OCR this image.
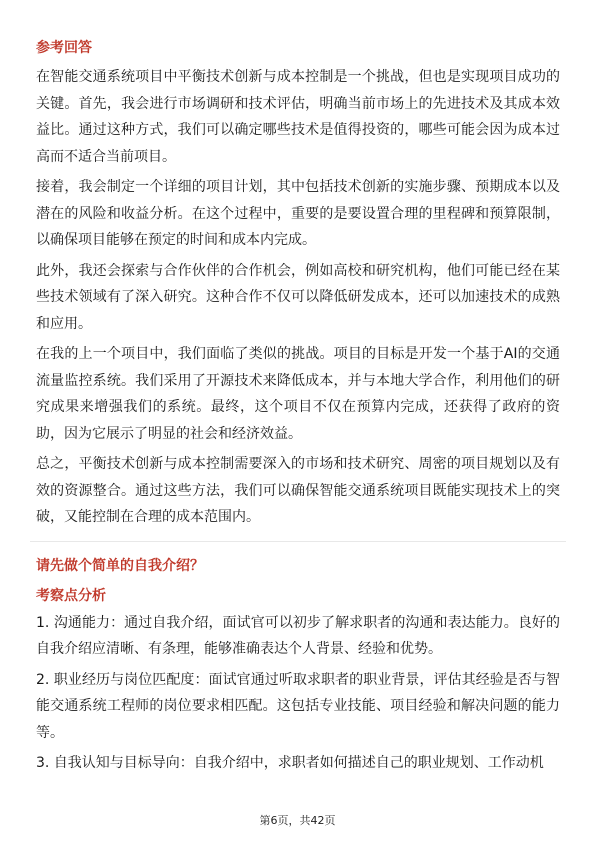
参考回答

在智能交通系统项目中平衡技术创新与成本控制是一个挑战，但也是实现项目成功的关键。首先，我会进行市场调研和技术评估，明确当前市场上的先进技术及其成本效益比。通过这种方式，我们可以确定哪些技术是值得投资的，哪些可能会因为成本过高而不适合当前项目。

接着，我会制定一个详细的项目计划，其中包括技术创新的实施步骤、预期成本以及潜在的风险和收益分析。在这个过程中，重要的是要设置合理的里程碑和预算限制，以确保项目能够在预定的时间和成本内完成。

此外，我还会探索与合作伙伴的合作机会，例如高校和研究机构，他们可能已经在某些技术领域有了深入研究。这种合作不仅可以降低研发成本，还可以加速技术的成熟和应用。

在我的上一个项目中，我们面临了类似的挑战。项目的目标是开发一个基于AI的交通流量监控系统。我们采用了开源技术来降低成本，并与本地大学合作，利用他们的研究成果来增强我们的系统。最终，这个项目不仅在预算内完成，还获得了政府的资助，因为它展示了明显的社会和经济效益。

总之，平衡技术创新与成本控制需要深入的市场和技术研究、周密的项目规划以及有效的资源整合。通过这些方法，我们可以确保智能交通系统项目既能实现技术上的突破，又能控制在合理的成本范围内。

请先做个简单的自我介绍？
考察点分析

1. 沟通能力：通过自我介绍，面试官可以初步了解求职者的沟通和表达能力。良好的自我介绍应清晰、有条理，能够准确表达个人背景、经验和优势。

2. 职业经历与岗位匹配度：面试官通过听取求职者的职业背景，评估其经验是否与智能交通系统工程师的岗位要求相匹配。这包括专业技能、项目经验和解决问题的能力等。

3. 自我认知与目标导向：自我介绍中，求职者如何描述自己的职业规划、工作动机

第6页，共42页
